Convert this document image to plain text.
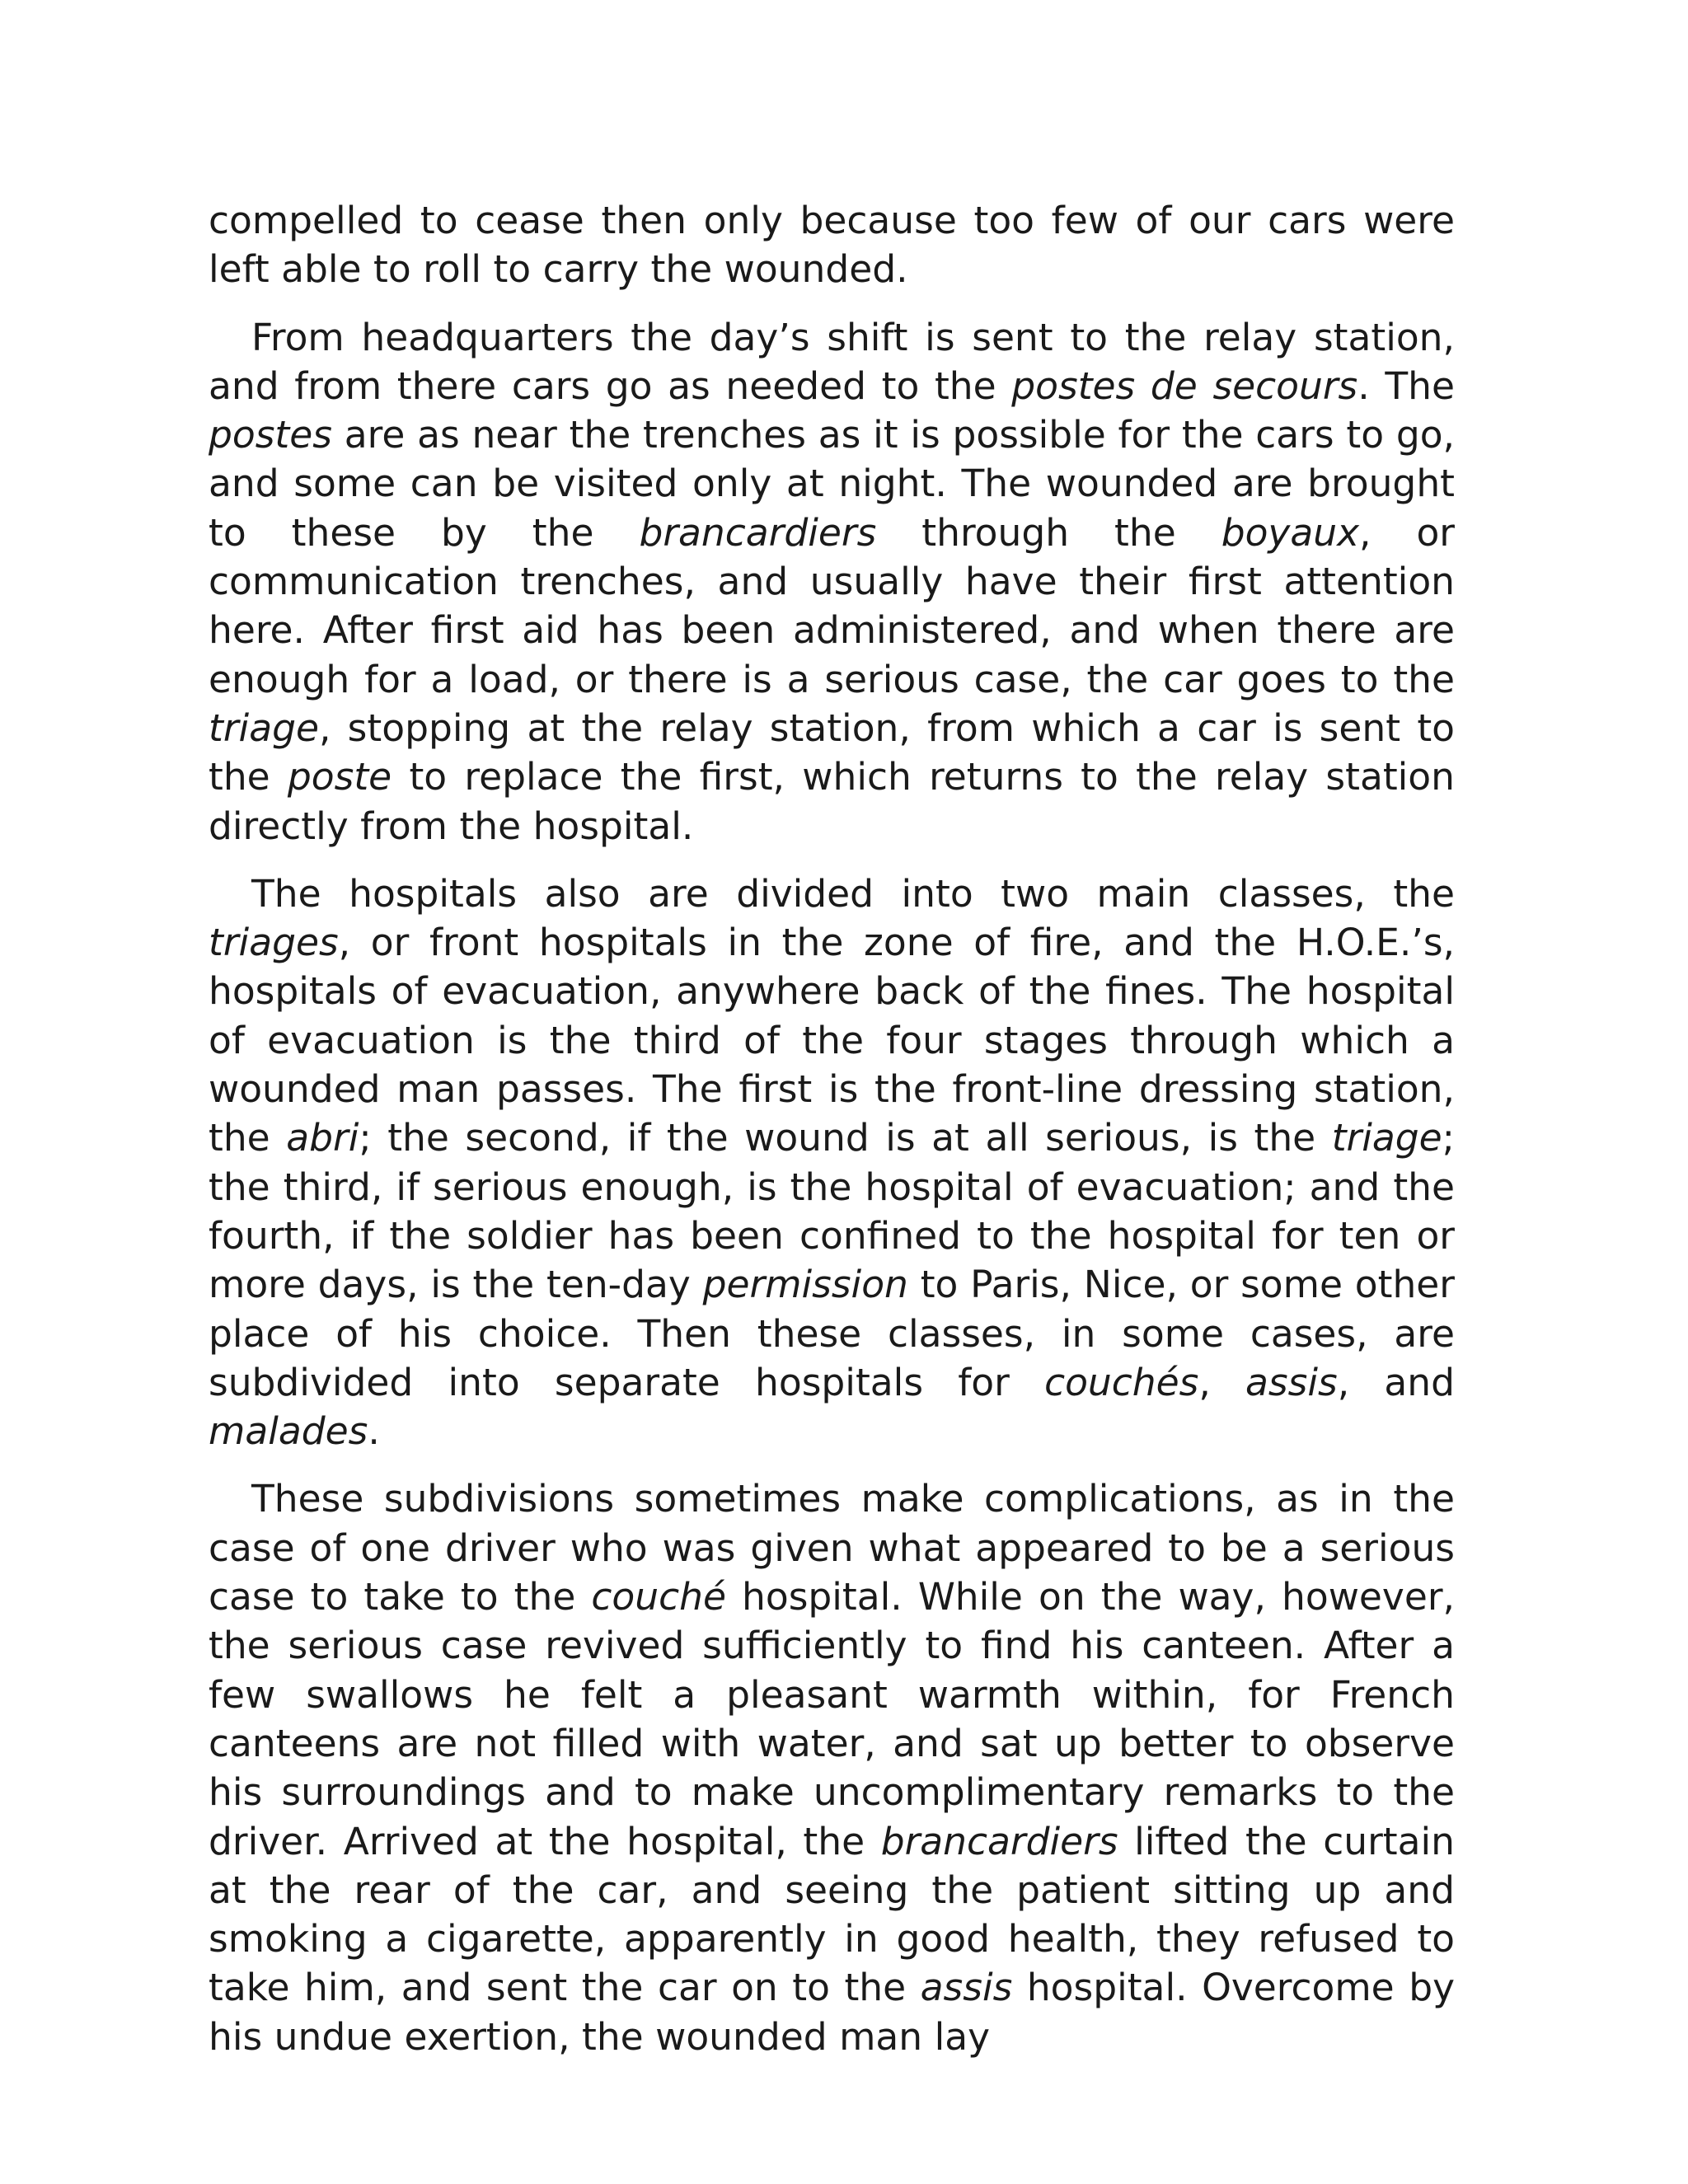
compelled to cease then only because too few of our cars were left able to roll to carry the wounded.

From headquarters the day’s shift is sent to the relay station, and from there cars go as needed to the postes de secours. The postes are as near the trenches as it is possible for the cars to go, and some can be visited only at night. The wounded are brought to these by the brancardiers through the boyaux, or communication trenches, and usually have their first attention here. After first aid has been administered, and when there are enough for a load, or there is a serious case, the car goes to the triage, stopping at the relay station, from which a car is sent to the poste to replace the first, which returns to the relay station directly from the hospital.

The hospitals also are divided into two main classes, the triages, or front hospitals in the zone of fire, and the H.O.E.’s, hospitals of evacuation, anywhere back of the fines. The hospital of evacuation is the third of the four stages through which a wounded man passes. The first is the front-line dressing station, the abri; the second, if the wound is at all serious, is the triage; the third, if serious enough, is the hospital of evacuation; and the fourth, if the soldier has been confined to the hospital for ten or more days, is the ten-day permission to Paris, Nice, or some other place of his choice. Then these classes, in some cases, are subdivided into separate hospitals for couchés, assis, and malades.

These subdivisions sometimes make complications, as in the case of one driver who was given what appeared to be a serious case to take to the couché hospital. While on the way, however, the serious case revived sufficiently to find his canteen. After a few swallows he felt a pleasant warmth within, for French canteens are not filled with water, and sat up better to observe his surroundings and to make uncomplimentary remarks to the driver. Arrived at the hospital, the brancardiers lifted the curtain at the rear of the car, and seeing the patient sitting up and smoking a cigarette, apparently in good health, they refused to take him, and sent the car on to the assis hospital. Overcome by his undue exertion, the wounded man lay
